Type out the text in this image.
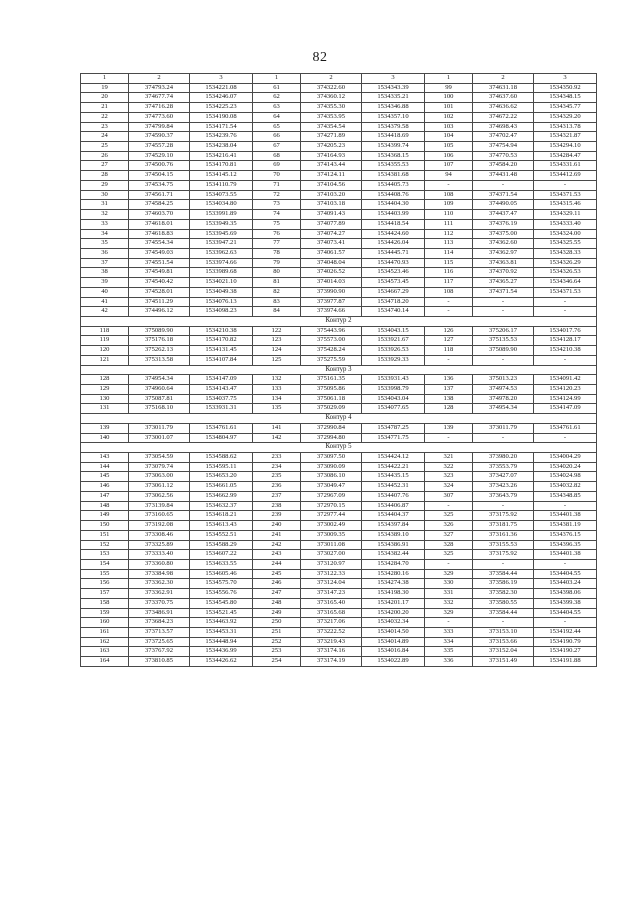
82
1	2	3	1	2	3	1	2	3
19	374793.24	1534221.08	61	374322.60	1534343.39	99	374631.18	1534350.92
20	374677.74	1534246.07	62	374360.12	1534335.21	100	374637.60	1534348.15
21	374716.28	1534225.23	63	374355.30	1534346.88	101	374636.62	1534345.77
22	374773.60	1534190.08	64	374353.95	1534357.10	102	374672.22	1534329.20
23	374799.84	1534171.54	65	374354.54	1534379.58	103	374698.43	1534313.78
24	374590.37	1534239.76	66	374271.89	1534418.69	104	374702.47	1534321.87
25	374557.28	1534238.04	67	374205.23	1534399.74	105	374754.94	1534294.10
26	374529.10	1534216.41	68	374164.93	1534368.15	106	374770.53	1534284.47
27	374500.76	1534170.81	69	374143.44	1534355.53	107	374584.20	1534331.61
28	374504.15	1534145.12	70	374124.11	1534381.68	94	374431.48	1534412.69
29	374534.75	1534110.79	71	374104.56	1534405.73	-	-	-
30	374561.71	1534073.55	72	374103.20	1534408.76	108	374371.54	1534371.53
31	374584.25	1534034.80	73	374103.18	1534404.30	109	374490.05	1534315.46
32	374603.70	1533991.89	74	374091.43	1534403.99	110	374437.47	1534329.11
33	374618.01	1533949.35	75	374077.89	1534418.54	111	374376.19	1534333.40
34	374618.83	1533945.69	76	374074.27	1534424.60	112	374375.00	1534324.00
35	374554.34	1533947.21	77	374073.41	1534426.04	113	374362.60	1534325.55
36	374549.03	1533962.63	78	374061.57	1534445.71	114	374362.97	1534328.33
37	374551.54	1533974.66	79	374048.04	1534470.93	115	374363.81	1534326.29
38	374549.81	1533989.68	80	374026.52	1534523.46	116	374370.92	1534326.53
39	374540.42	1534021.10	81	374014.03	1534573.45	117	374365.27	1534346.64
40	374528.01	1534049.38	82	373990.90	1534667.29	108	374371.54	1534371.53
41	374511.29	1534076.13	83	373977.87	1534718.20	-	-	-
42	374496.12	1534098.23	84	373974.66	1534740.14	-	-	-
Контур 2								
118	375089.90	1534210.38	122	375443.96	1534043.15	126	375206.17	1534017.76
119	375176.18	1534170.82	123	375573.00	1533921.67	127	375135.53	1534128.17
120	375262.13	1534131.45	124	375428.24	1533926.53	118	375089.90	1534210.38
121	375313.58	1534107.84	125	375275.59	1533929.33	-	-	-
Контур 3								
128	374954.34	1534147.09	132	375161.35	1533931.43	136	375013.23	1534091.42
129	374960.64	1534143.47	133	375095.86	1533998.79	137	374974.53	1534120.23
130	375087.81	1534037.75	134	375061.18	1534043.04	138	374978.20	1534124.99
131	375168.10	1533931.31	135	375029.09	1534077.65	128	374954.34	1534147.09
Контур 4								
139	373011.79	1534761.61	141	372990.84	1534787.25	139	373011.79	1534761.61
140	373001.07	1534804.97	142	372994.80	1534771.75	-	-	-
Контур 5								
143	373054.59	1534588.62	233	373097.50	1534424.12	321	373980.20	1534004.29
144	373079.74	1534595.11	234	373090.09	1534422.21	322	373553.79	1534020.24
145	373063.00	1534653.20	235	373086.10	1534435.15	323	373427.07	1534024.98
146	373061.12	1534661.05	236	373049.47	1534452.31	324	373423.26	1534032.82
147	373062.56	1534662.99	237	372967.09	1534407.76	307	373643.79	1534348.85
148	373139.84	1534632.37	238	372970.15	1534406.87	-	-	-
149	373160.65	1534618.21	239	372977.44	1534404.37	325	373175.92	1534401.38
150	373192.08	1534613.43	240	373002.49	1534397.84	326	373181.75	1534381.19
151	373308.46	1534552.51	241	373009.35	1534389.10	327	373161.36	1534376.15
152	373325.89	1534588.29	242	373011.08	1534386.91	328	373155.53	1534396.35
153	373333.40	1534607.22	243	373027.00	1534382.44	325	373175.92	1534401.38
154	373360.80	1534633.55	244	373120.97	1534284.70	-	-	-
155	373384.98	1534605.46	245	373122.33	1534280.16	329	373584.44	1534404.55
156	373362.30	1534575.70	246	373124.04	1534274.38	330	373586.19	1534403.24
157	373362.91	1534556.76	247	373147.23	1534198.30	331	373582.30	1534398.06
158	373370.75	1534545.80	248	373165.40	1534201.17	332	373580.55	1534399.38
159	373486.91	1534521.45	249	373165.68	1534200.20	329	373584.44	1534404.55
160	373684.23	1534463.92	250	373217.06	1534032.34	-	-	-
161	373713.57	1534453.31	251	373222.52	1534014.50	333	373153.10	1534192.44
162	373725.65	1534448.94	252	373219.43	1534014.89	334	373153.66	1534190.79
163	373767.92	1534436.99	253	373174.16	1534016.84	335	373152.04	1534190.27
164	373810.85	1534426.62	254	373174.19	1534022.89	336	373151.49	1534191.88
